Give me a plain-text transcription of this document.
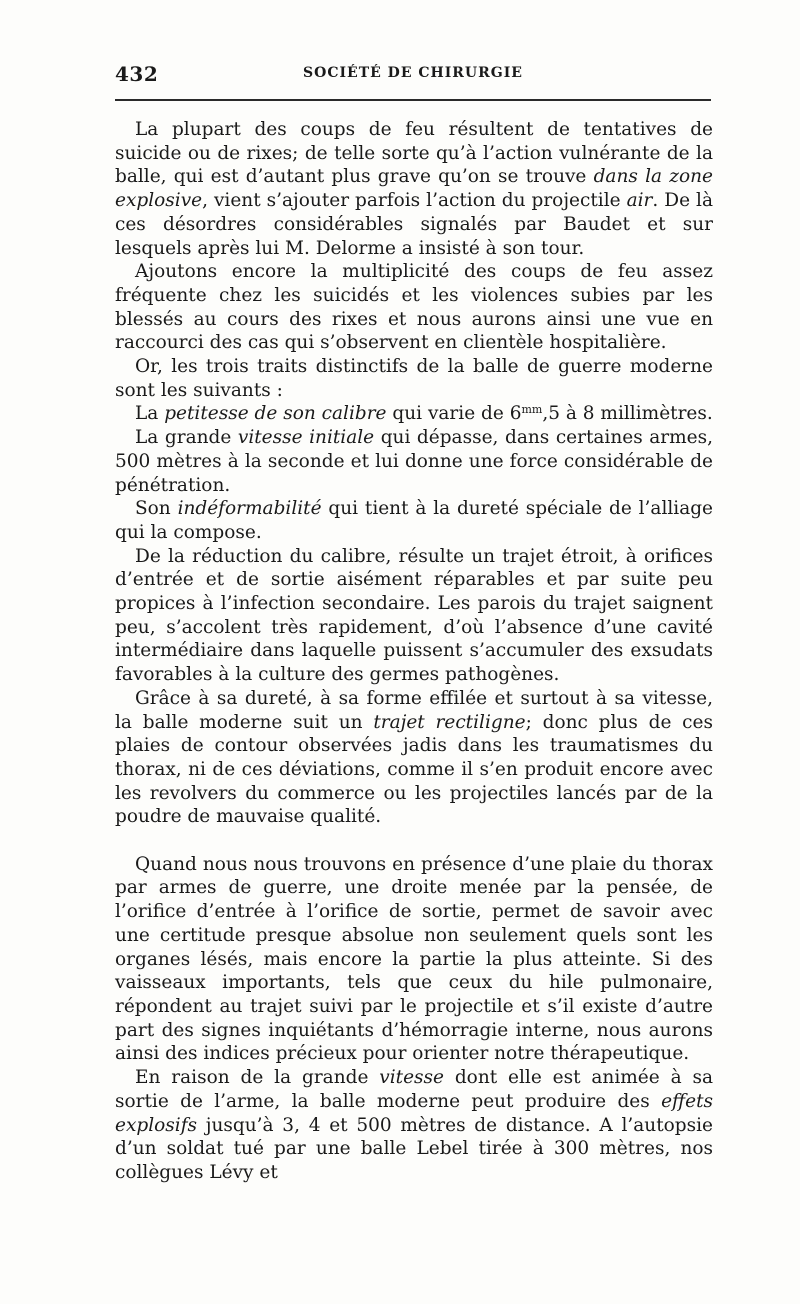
432	SOCIÉTÉ DE CHIRURGIE

La plupart des coups de feu résultent de tentatives de suicide ou de rixes; de telle sorte qu’à l’action vulnérante de la balle, qui est d’autant plus grave qu’on se trouve dans la zone explosive, vient s’ajouter parfois l’action du projectile air. De là ces désordres considérables signalés par Baudet et sur lesquels après lui M. Delorme a insisté à son tour.

Ajoutons encore la multiplicité des coups de feu assez fréquente chez les suicidés et les violences subies par les blessés au cours des rixes et nous aurons ainsi une vue en raccourci des cas qui s’observent en clientèle hospitalière.

Or, les trois traits distinctifs de la balle de guerre moderne sont les suivants :

La petitesse de son calibre qui varie de $6^{mm},5$ à 8 millimètres.

La grande vitesse initiale qui dépasse, dans certaines armes, 500 mètres à la seconde et lui donne une force considérable de pénétration.

Son indéformabilité qui tient à la dureté spéciale de l’alliage qui la compose.

De la réduction du calibre, résulte un trajet étroit, à orifices d’entrée et de sortie aisément réparables et par suite peu propices à l’infection secondaire. Les parois du trajet saignent peu, s’accolent très rapidement, d’où l’absence d’une cavité intermédiaire dans laquelle puissent s’accumuler des exsudats favorables à la culture des germes pathogènes.

Grâce à sa dureté, à sa forme effilée et surtout à sa vitesse, la balle moderne suit un trajet rectiligne; donc plus de ces plaies de contour observées jadis dans les traumatismes du thorax, ni de ces déviations, comme il s’en produit encore avec les revolvers du commerce ou les projectiles lancés par de la poudre de mauvaise qualité.

Quand nous nous trouvons en présence d’une plaie du thorax par armes de guerre, une droite menée par la pensée, de l’orifice d’entrée à l’orifice de sortie, permet de savoir avec une certitude presque absolue non seulement quels sont les organes lésés, mais encore la partie la plus atteinte. Si des vaisseaux importants, tels que ceux du hile pulmonaire, répondent au trajet suivi par le projectile et s’il existe d’autre part des signes inquiétants d’hémorragie interne, nous aurons ainsi des indices précieux pour orienter notre thérapeutique.

En raison de la grande vitesse dont elle est animée à sa sortie de l’arme, la balle moderne peut produire des effets explosifs jusqu’à 3, 4 et 500 mètres de distance. A l’autopsie d’un soldat tué par une balle Lebel tirée à 300 mètres, nos collègues Lévy et
